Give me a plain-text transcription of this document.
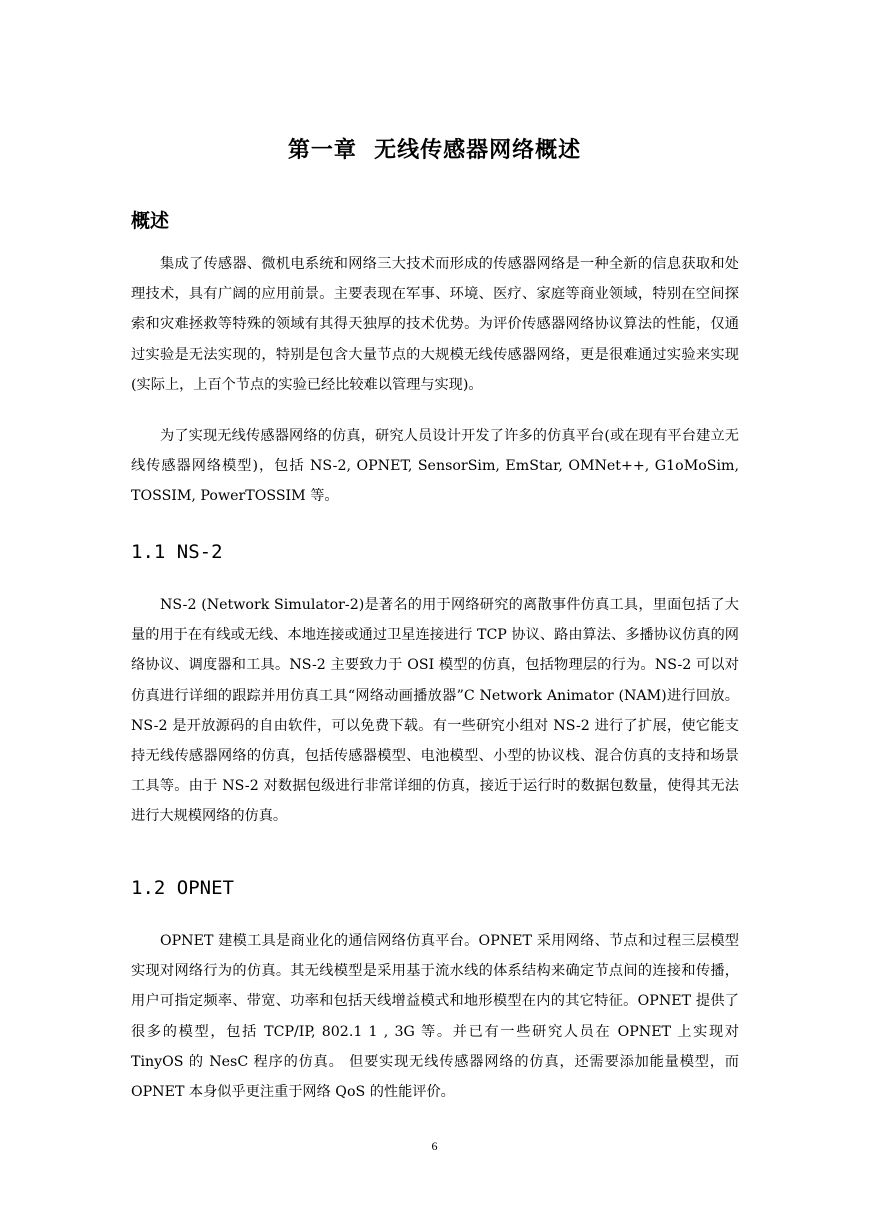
第一章  无线传感器网络概述
概述

集成了传感器、微机电系统和网络三大技术而形成的传感器网络是一种全新的信息获取和处理技术，具有广阔的应用前景。主要表现在军事、环境、医疗、家庭等商业领域，特别在空间探索和灾难拯救等特殊的领域有其得天独厚的技术优势。为评价传感器网络协议算法的性能，仅通过实验是无法实现的，特别是包含大量节点的大规模无线传感器网络，更是很难通过实验来实现(实际上，上百个节点的实验已经比较难以管理与实现)。

为了实现无线传感器网络的仿真，研究人员设计开发了许多的仿真平台(或在现有平台建立无线传感器网络模型)，包括 NS-2, OPNET, SensorSim, EmStar, OMNet++, G1oMoSim, TOSSIM, PowerTOSSIM 等。

1.1 NS-2

NS-2 (Network Simulator-2)是著名的用于网络研究的离散事件仿真工具，里面包括了大量的用于在有线或无线、本地连接或通过卫星连接进行 TCP 协议、路由算法、多播协议仿真的网络协议、调度器和工具。NS-2 主要致力于 OSI 模型的仿真，包括物理层的行为。NS-2 可以对仿真进行详细的跟踪并用仿真工具“网络动画播放器”C Network Animator (NAM)进行回放。NS-2 是开放源码的自由软件，可以免费下载。有一些研究小组对 NS-2 进行了扩展，使它能支持无线传感器网络的仿真，包括传感器模型、电池模型、小型的协议栈、混合仿真的支持和场景工具等。由于 NS-2 对数据包级进行非常详细的仿真，接近于运行时的数据包数量，使得其无法进行大规模网络的仿真。

1.2 OPNET

OPNET 建模工具是商业化的通信网络仿真平台。OPNET 采用网络、节点和过程三层模型实现对网络行为的仿真。其无线模型是采用基于流水线的体系结构来确定节点间的连接和传播，用户可指定频率、带宽、功率和包括天线增益模式和地形模型在内的其它特征。OPNET 提供了很多的模型，包括 TCP/IP, 802.1 1 , 3G 等。并已有一些研究人员在 OPNET 上实现对 TinyOS 的 NesC 程序的仿真。 但要实现无线传感器网络的仿真，还需要添加能量模型，而 OPNET 本身似乎更注重于网络 QoS 的性能评价。

6
